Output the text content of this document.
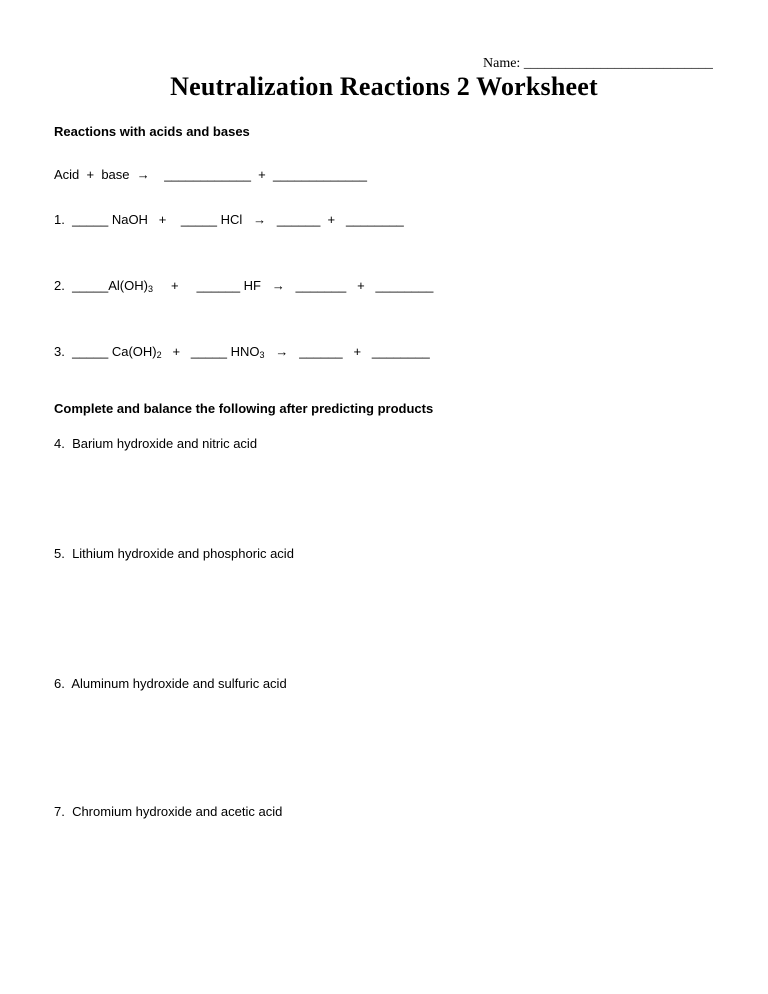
Name: ___________________________
Neutralization Reactions 2 Worksheet
Reactions with acids and bases
Acid  +  base  →    ____________  +  _____________
1.  _____ NaOH   +    _____ HCl   →   ______  +   ________
2.  $\_\_\_\_\_Al(OH)_3$     +     ______ HF   →   _______   +   ________
3.  _____ $Ca(OH)_2$   +   _____ $HNO_3$   →   ______   +   ________
Complete and balance the following after predicting products
4.  Barium hydroxide and nitric acid
5.  Lithium hydroxide and phosphoric acid
6.  Aluminum hydroxide and sulfuric acid
7.  Chromium hydroxide and acetic acid
